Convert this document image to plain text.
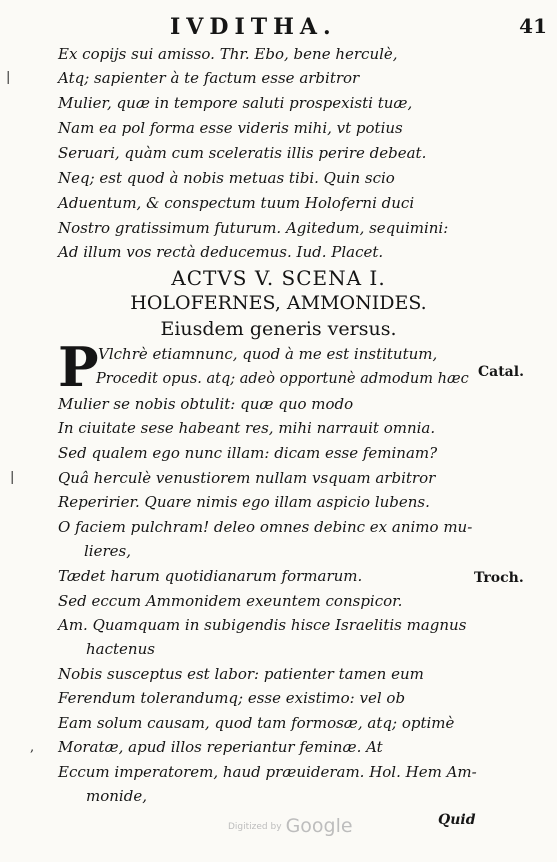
IVDITHA.	41
Ex copijs sui amisso. Thr. Ebo, bene herculè,
Atq; sapienter à te factum esse arbitror
Mulier, quæ in tempore saluti prospexisti tuæ,
Nam ea pol forma esse videris mihi, vt potius
Seruari, quàm cum sceleratis illis perire debeat.
Neq; est quod à nobis metuas tibi. Quin scio
Aduentum, & conspectum tuum Holoferni duci
Nostro gratissimum futurum. Agitedum, sequimini:
Ad illum vos rectà deducemus. Iud. Placet.
ACTVS V. SCENA I.
HOLOFERNES, AMMONIDES.
Eiusdem generis versus.
P Vlchrè etiamnunc, quod à me est institutum,
Procedit opus. atq; adeò opportunè admodum hæc
Mulier se nobis obtulit: quæ quo modo
In ciuitate sese habeant res, mihi narrauit omnia.
Sed qualem ego nunc illam: dicam esse feminam?
Quâ herculè venustiorem nullam vsquam arbitror
Reperirier. Quare nimis ego illam aspicio lubens.
O faciem pulchram! deleo omnes debinc ex animo mu-
lieres,
Tædet harum quotidianarum formarum.
Sed eccum Ammonidem exeuntem conspicor.
Am. Quamquam in subigendis hisce Israelitis magnus
hactenus
Nobis susceptus est labor: patienter tamen eum
Ferendum tolerandumq; esse existimo: vel ob
Eam solum causam, quod tam formosæ, atq; optimè
Moratæ, apud illos reperiantur feminæ. At
Eccum imperatorem, haud præuideram. Hol. Hem Am-
monide,
Catal.
Troch.
Quid
|
|
,
Digitized by Google
